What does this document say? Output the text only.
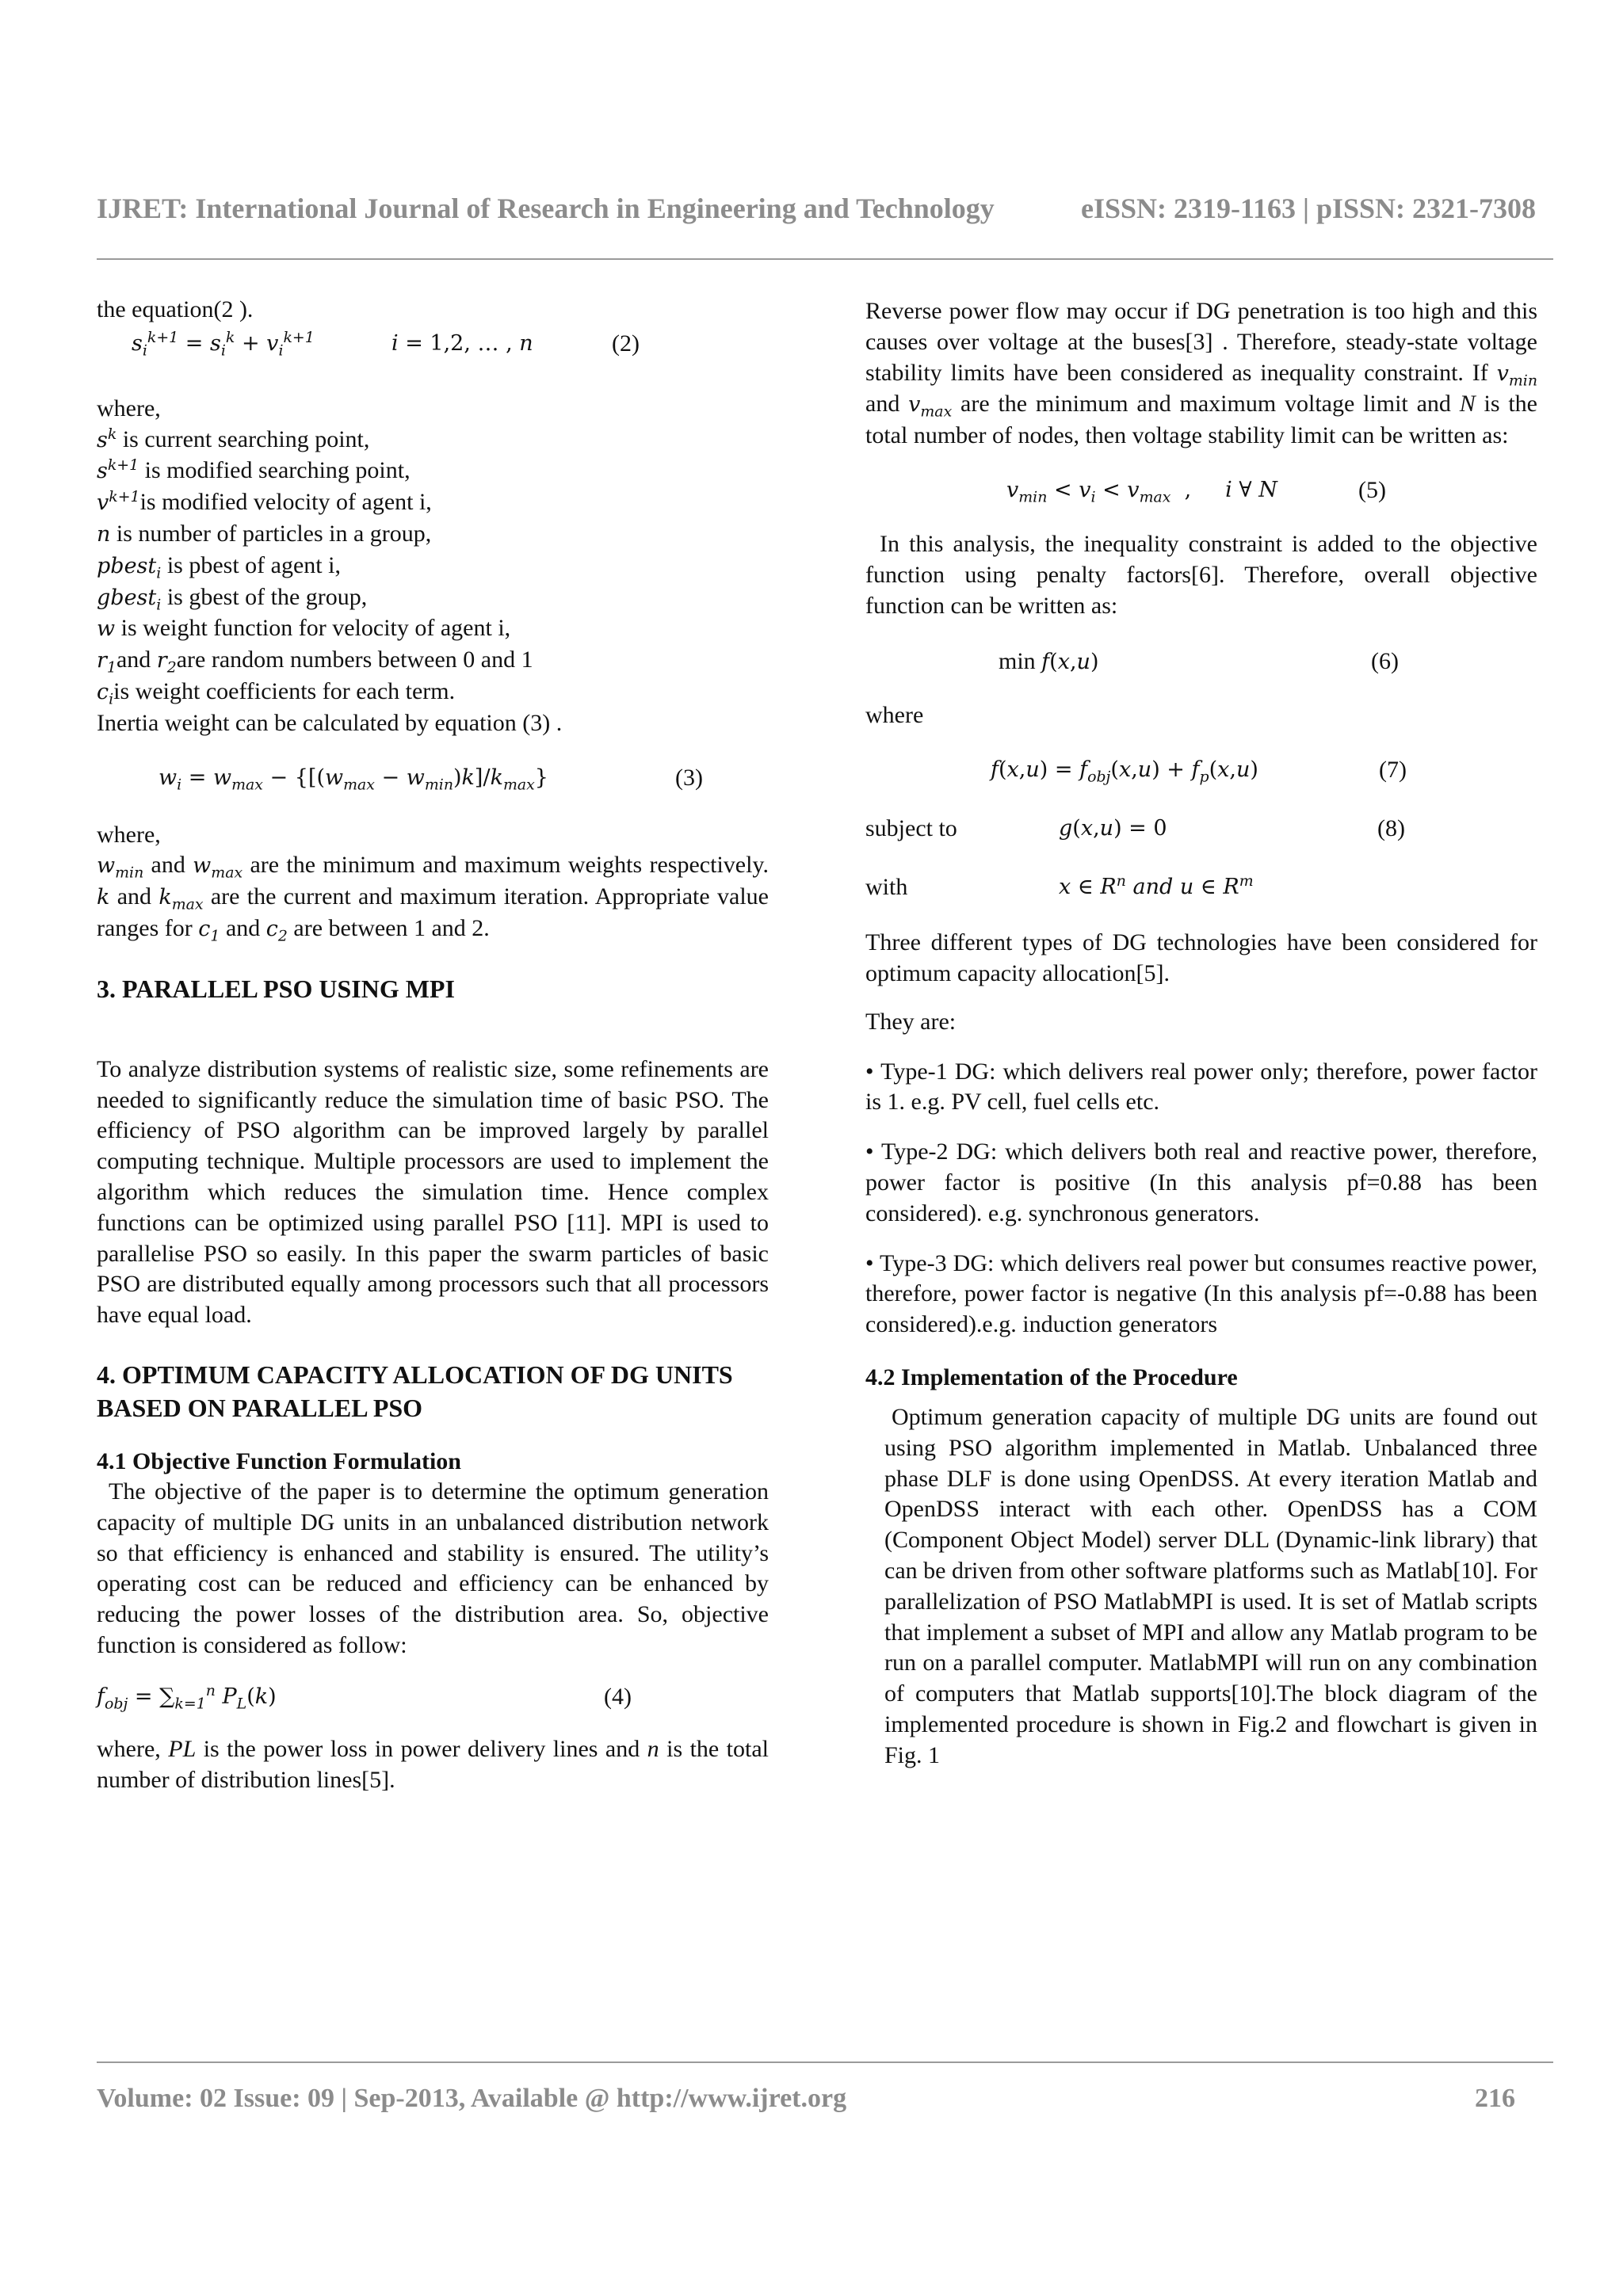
IJRET: International Journal of Research in Engineering and Technology	eISSN: 2319-1163 | pISSN: 2321-7308

the equation(2 ).

$s_i^{k+1} = s_i^k + v_i^{k+1}$	i = 1,2, … , n	(2)

where,

$s^k$ is current searching point,

$s^{k+1}$ is modified searching point,

$v^{k+1}is$ modified velocity of agent i,

n is number of particles in a group,

pbest$_i$ is pbest of agent i,

gbest$_i$ is gbest of the group,

w is weight function for velocity of agent i,

$r_1and$ $r_2are$ random numbers between 0 and 1

$c_iis$ weight coefficients for each term.

Inertia weight can be calculated by equation (3) .

$w_i = w_{max} - \{[(w_{max} - w_{min})k]/k_{max}\}$	(3)

where,

$w_{min}$ and $w_{max}$ are the minimum and maximum weights respectively. k and $k_{max}$ are the current and maximum iteration. Appropriate value ranges for $c_1$ and $c_2$ are between 1 and 2.

3. PARALLEL PSO USING MPI

To analyze distribution systems of realistic size, some refinements are needed to significantly reduce the simulation time of basic PSO. The efficiency of PSO algorithm can be improved largely by parallel computing technique. Multiple processors are used to implement the algorithm which reduces the simulation time. Hence complex functions can be optimized using parallel PSO [11]. MPI is used to parallelise PSO so easily. In this paper the swarm particles of basic PSO are distributed equally among processors such that all processors have equal load.

4. OPTIMUM CAPACITY ALLOCATION OF DG UNITS BASED ON PARALLEL PSO

4.1 Objective Function Formulation

The objective of the paper is to determine the optimum generation capacity of multiple DG units in an unbalanced distribution network so that efficiency is enhanced and stability is ensured. The utility’s operating cost can be reduced and efficiency can be enhanced by reducing the power losses of the distribution area. So, objective function is considered as follow:

$f_{obj} = \sum_{k=1}^n$ $P_L(k)$	(4)

where, PL is the power loss in power delivery lines and n is the total number of distribution lines[5].

Reverse power flow may occur if DG penetration is too high and this causes over voltage at the buses[3] . Therefore, steady-state voltage stability limits have been considered as inequality constraint. If $v_{min}$ and $v_{max}$ are the minimum and maximum voltage limit and N is the total number of nodes, then voltage stability limit can be written as:

$v_{min} < v_i < v_{max}$  ,     i ∀ N	(5)

In this analysis, the inequality constraint is added to the objective function using penalty factors[6]. Therefore, overall objective function can be written as:

min f(x,u)	(6)

where

$f(x,u) = f_{obj}(x,u) + f_p(x,u)$	(7)
subject to	g(x,u) = 0	(8)
with	x ∈ $R^n$ and u ∈ $R^m$

Three different types of DG technologies have been considered for optimum capacity allocation[5].

They are:

• Type-1 DG: which delivers real power only; therefore, power factor is 1. e.g. PV cell, fuel cells etc.

• Type-2 DG: which delivers both real and reactive power, therefore, power factor is positive (In this analysis pf=0.88 has been considered). e.g. synchronous generators.

• Type-3 DG: which delivers real power but consumes reactive power, therefore, power factor is negative (In this analysis pf=-0.88 has been considered).e.g. induction generators

4.2 Implementation of the Procedure

Optimum generation capacity of multiple DG units are found out using PSO algorithm implemented in Matlab. Unbalanced three phase DLF is done using OpenDSS. At every iteration Matlab and OpenDSS interact with each other. OpenDSS has a COM (Component Object Model) server DLL (Dynamic-link library) that can be driven from other software platforms such as Matlab[10]. For parallelization of PSO MatlabMPI is used. It is set of Matlab scripts that implement a subset of MPI and allow any Matlab program to be run on a parallel computer. MatlabMPI will run on any combination of computers that Matlab supports[10].The block diagram of the implemented procedure is shown in Fig.2 and flowchart is given in Fig. 1

Volume: 02 Issue: 09 | Sep-2013, Available @ http://www.ijret.org	216
